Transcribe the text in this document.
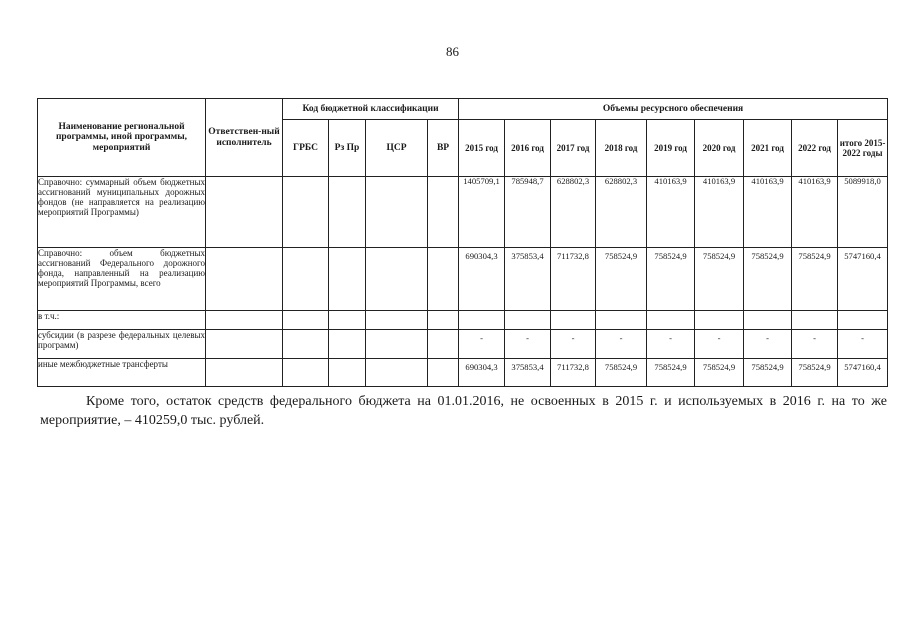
86
Наименование региональной программы, иной программы, мероприятий	Ответствен-ный исполнитель	Код бюджетной классификации				Объемы ресурсного обеспечения								
		ГРБС	Рз Пр	ЦСР	ВР	2015 год	2016 год	2017 год	2018 год	2019 год	2020 год	2021 год	2022 год	итого 2015-2022 годы
Справочно: суммарный объем бюджетных ассигнований муниципальных дорожных фондов (не направляется на реализацию мероприятий Программы)						1405709,1	785948,7	628802,3	628802,3	410163,9	410163,9	410163,9	410163,9	5089918,0
Справочно: объем бюджетных ассигнований Федерального дорожного фонда, направленный на реализацию мероприятий Программы, всего						690304,3	375853,4	711732,8	758524,9	758524,9	758524,9	758524,9	758524,9	5747160,4
в т.ч.:														
субсидии (в разрезе федеральных целевых программ)						-	-	-	-	-	-	-	-	-
иные межбюджетные трансферты						690304,3	375853,4	711732,8	758524,9	758524,9	758524,9	758524,9	758524,9	5747160,4
Кроме того, остаток средств федерального бюджета на 01.01.2016, не освоенных в 2015 г. и используемых в 2016 г. на то же мероприятие, – 410259,0 тыс. рублей.
